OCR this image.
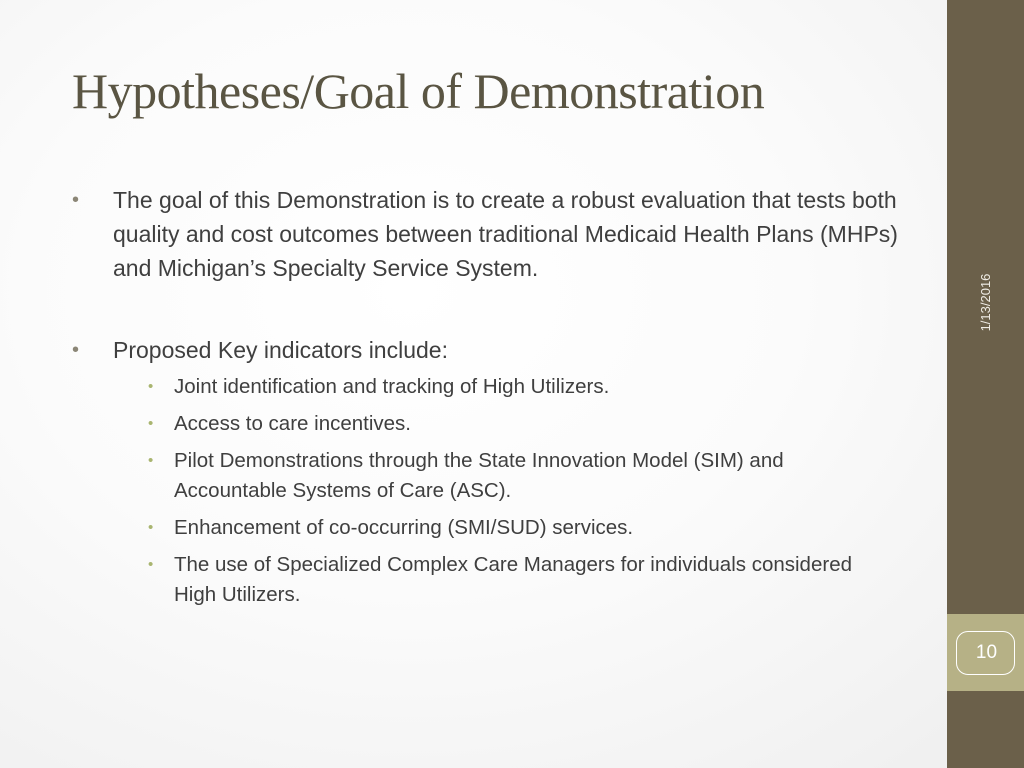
Hypotheses/Goal of Demonstration
• The goal of this Demonstration is to create a robust evaluation that tests both quality and cost outcomes between traditional Medicaid Health Plans (MHPs) and Michigan’s Specialty Service System.
• Proposed Key indicators include:
• Joint identification and tracking of High Utilizers.
• Access to care incentives.
• Pilot Demonstrations through the State Innovation Model (SIM) and Accountable Systems of Care (ASC).
• Enhancement of co-occurring (SMI/SUD) services.
• The use of Specialized Complex Care Managers for individuals considered High Utilizers.
1/13/2016
10
